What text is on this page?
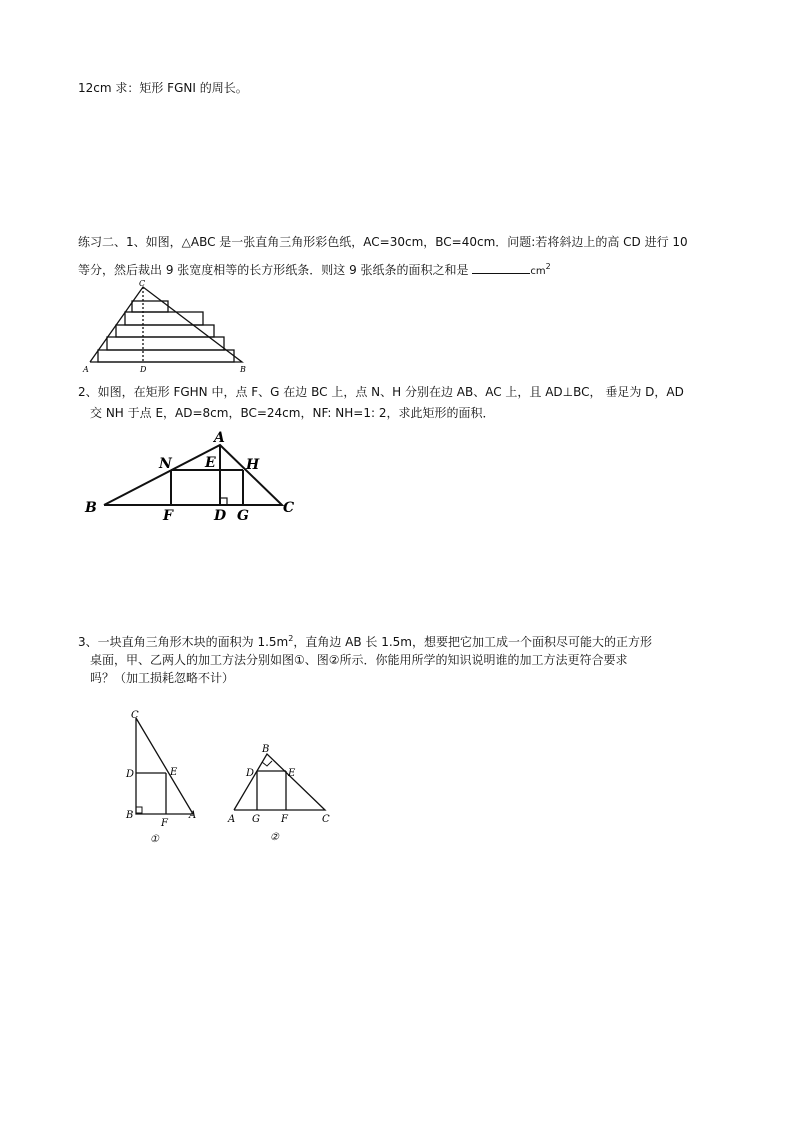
12cm 求：矩形 FGNI 的周长。
练习二、1、如图，△ABC 是一张直角三角形彩色纸，AC=30cm，BC=40cm．问题:若将斜边上的高 CD 进行 10
等分，然后裁出 9 张宽度相等的长方形纸条．则这 9 张纸条的面积之和是	$cm^2$
C
A	D	B
2、如图，在矩形 FGHN 中，点 F、G 在边 BC 上，点 N、H 分别在边 AB、AC 上，且 AD⊥BC， 垂足为 D，AD
交 NH 于点 E，AD=8cm，BC=24cm，NF: NH=1: 2，求此矩形的面积．
A
N E H
B	F	D G C
3、一块直角三角形木块的面积为 $1.5m^2$，直角边 AB 长 1.5m，想要把它加工成一个面积尽可能大的正方形
桌面，甲、乙两人的加工方法分别如图①、图②所示．你能用所学的知识说明谁的加工方法更符合要求
吗？（加工损耗忽略不计）
C
D	E
B
F
A
①
B
D	E
A G F	C
②
